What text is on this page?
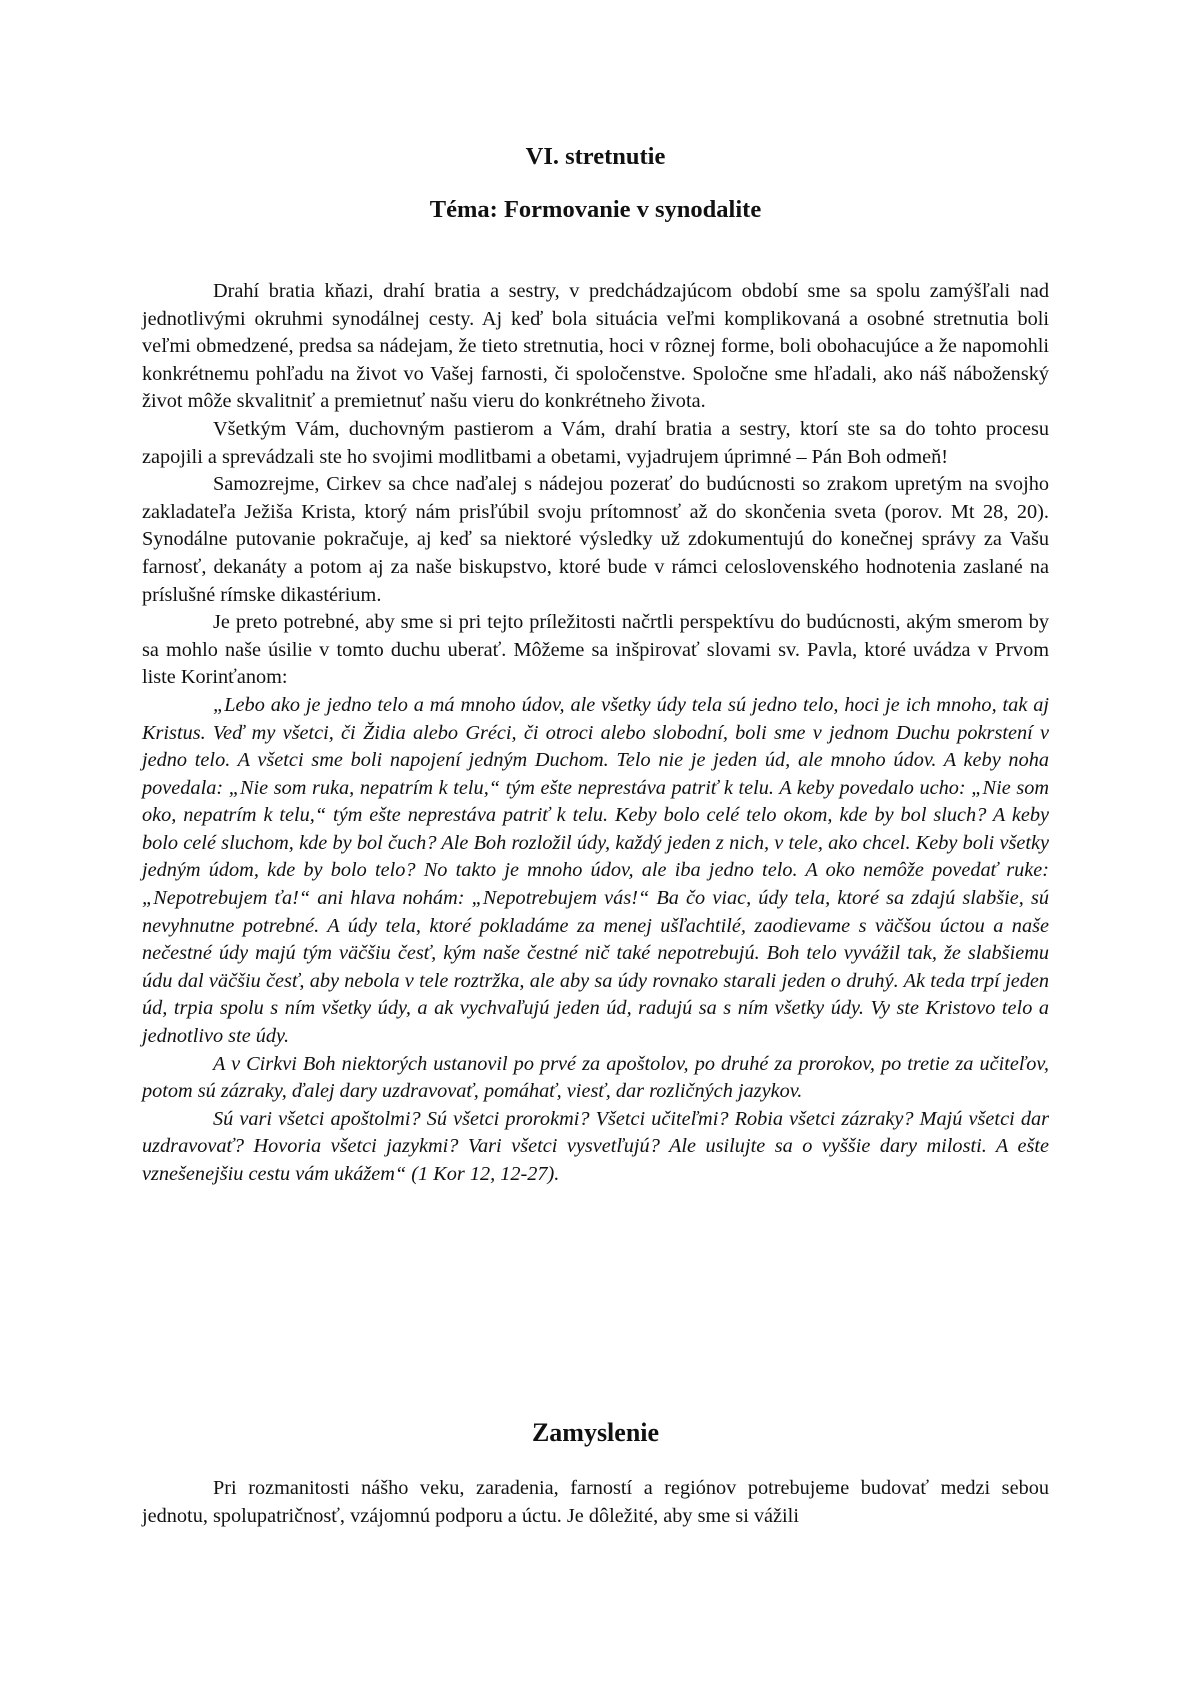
VI. stretnutie
Téma: Formovanie v synodalite

Drahí bratia kňazi, drahí bratia a sestry, v predchádzajúcom období sme sa spolu zamýšľali nad jednotlivými okruhmi synodálnej cesty. Aj keď bola situácia veľmi komplikovaná a osobné stretnutia boli veľmi obmedzené, predsa sa nádejam, že tieto stretnutia, hoci v rôznej forme, boli obohacujúce a že napomohli konkrétnemu pohľadu na život vo Vašej farnosti, či spoločenstve. Spoločne sme hľadali, ako náš náboženský život môže skvalitniť a premietnuť našu vieru do konkrétneho života.

Všetkým Vám, duchovným pastierom a Vám, drahí bratia a sestry, ktorí ste sa do tohto procesu zapojili a sprevádzali ste ho svojimi modlitbami a obetami, vyjadrujem úprimné – Pán Boh odmeň!

Samozrejme, Cirkev sa chce naďalej s nádejou pozerať do budúcnosti so zrakom upretým na svojho zakladateľa Ježiša Krista, ktorý nám prisľúbil svoju prítomnosť až do skončenia sveta (porov. Mt 28, 20). Synodálne putovanie pokračuje, aj keď sa niektoré výsledky už zdokumentujú do konečnej správy za Vašu farnosť, dekanáty a potom aj za naše biskupstvo, ktoré bude v rámci celoslovenského hodnotenia zaslané na príslušné rímske dikastérium.

Je preto potrebné, aby sme si pri tejto príležitosti načrtli perspektívu do budúcnosti, akým smerom by sa mohlo naše úsilie v tomto duchu uberať. Môžeme sa inšpirovať slovami sv. Pavla, ktoré uvádza v Prvom liste Korinťanom:

„Lebo ako je jedno telo a má mnoho údov, ale všetky údy tela sú jedno telo, hoci je ich mnoho, tak aj Kristus. Veď my všetci, či Židia alebo Gréci, či otroci alebo slobodní, boli sme v jednom Duchu pokrstení v jedno telo. A všetci sme boli napojení jedným Duchom. Telo nie je jeden úd, ale mnoho údov. A keby noha povedala: „Nie som ruka, nepatrím k telu,“ tým ešte neprestáva patriť k telu. A keby povedalo ucho: „Nie som oko, nepatrím k telu,“ tým ešte neprestáva patriť k telu. Keby bolo celé telo okom, kde by bol sluch? A keby bolo celé sluchom, kde by bol čuch? Ale Boh rozložil údy, každý jeden z nich, v tele, ako chcel. Keby boli všetky jedným údom, kde by bolo telo? No takto je mnoho údov, ale iba jedno telo. A oko nemôže povedať ruke: „Nepotrebujem ťa!“ ani hlava nohám: „Nepotrebujem vás!“ Ba čo viac, údy tela, ktoré sa zdajú slabšie, sú nevyhnutne potrebné. A údy tela, ktoré pokladáme za menej ušľachtilé, zaodievame s väčšou úctou a naše nečestné údy majú tým väčšiu česť, kým naše čestné nič také nepotrebujú. Boh telo vyvážil tak, že slabšiemu údu dal väčšiu česť, aby nebola v tele roztržka, ale aby sa údy rovnako starali jeden o druhý. Ak teda trpí jeden úd, trpia spolu s ním všetky údy, a ak vychvaľujú jeden úd, radujú sa s ním všetky údy. Vy ste Kristovo telo a jednotlivo ste údy.

A v Cirkvi Boh niektorých ustanovil po prvé za apoštolov, po druhé za prorokov, po tretie za učiteľov, potom sú zázraky, ďalej dary uzdravovať, pomáhať, viesť, dar rozličných jazykov.

Sú vari všetci apoštolmi? Sú všetci prorokmi? Všetci učiteľmi? Robia všetci zázraky? Majú všetci dar uzdravovať? Hovoria všetci jazykmi? Vari všetci vysvetľujú? Ale usilujte sa o vyššie dary milosti. A ešte vznešenejšiu cestu vám ukážem“ (1 Kor 12, 12-27).

Zamyslenie

Pri rozmanitosti nášho veku, zaradenia, farností a regiónov potrebujeme budovať medzi sebou jednotu, spolupatričnosť, vzájomnú podporu a úctu. Je dôležité, aby sme si vážili
